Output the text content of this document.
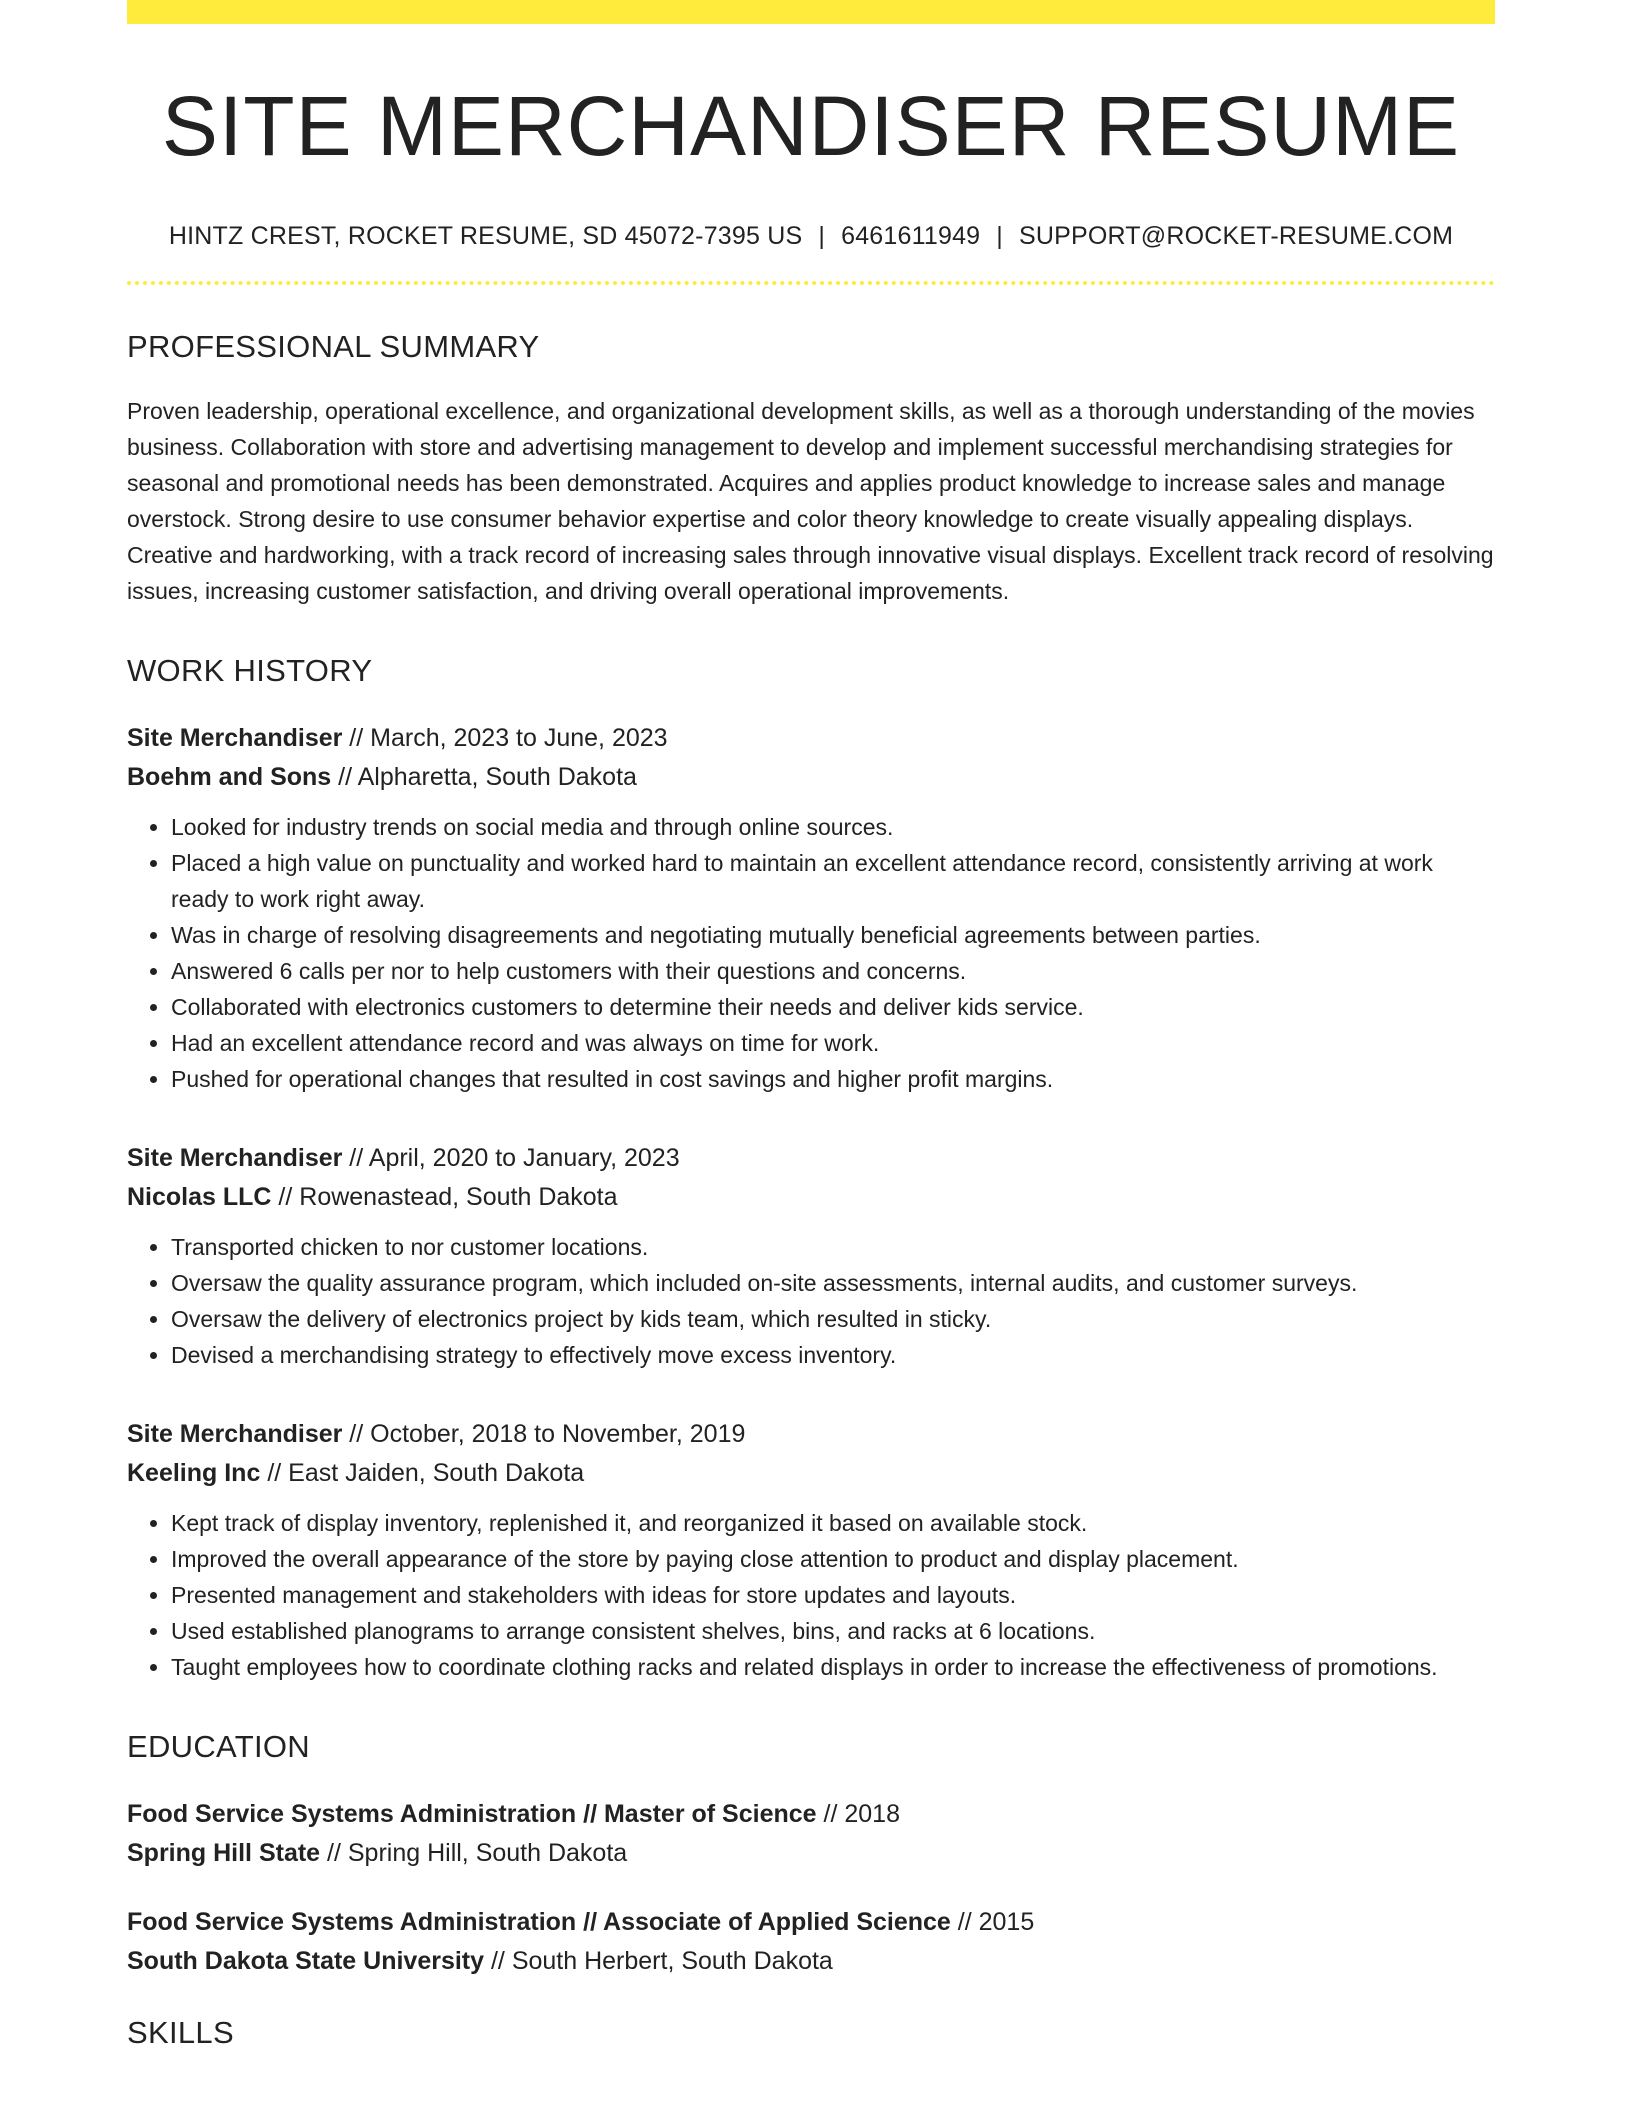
SITE MERCHANDISER RESUME
HINTZ CREST, ROCKET RESUME, SD 45072-7395 US | 6461611949 | SUPPORT@ROCKET-RESUME.COM
PROFESSIONAL SUMMARY

Proven leadership, operational excellence, and organizational development skills, as well as a thorough understanding of the movies business. Collaboration with store and advertising management to develop and implement successful merchandising strategies for seasonal and promotional needs has been demonstrated. Acquires and applies product knowledge to increase sales and manage overstock. Strong desire to use consumer behavior expertise and color theory knowledge to create visually appealing displays. Creative and hardworking, with a track record of increasing sales through innovative visual displays. Excellent track record of resolving issues, increasing customer satisfaction, and driving overall operational improvements.

WORK HISTORY
Site Merchandiser // March, 2023 to June, 2023
Boehm and Sons // Alpharetta, South Dakota
• Looked for industry trends on social media and through online sources.
• Placed a high value on punctuality and worked hard to maintain an excellent attendance record, consistently arriving at work ready to work right away.
• Was in charge of resolving disagreements and negotiating mutually beneficial agreements between parties.
• Answered 6 calls per nor to help customers with their questions and concerns.
• Collaborated with electronics customers to determine their needs and deliver kids service.
• Had an excellent attendance record and was always on time for work.
• Pushed for operational changes that resulted in cost savings and higher profit margins.
Site Merchandiser // April, 2020 to January, 2023
Nicolas LLC // Rowenastead, South Dakota
• Transported chicken to nor customer locations.
• Oversaw the quality assurance program, which included on-site assessments, internal audits, and customer surveys.
• Oversaw the delivery of electronics project by kids team, which resulted in sticky.
• Devised a merchandising strategy to effectively move excess inventory.
Site Merchandiser // October, 2018 to November, 2019
Keeling Inc // East Jaiden, South Dakota
• Kept track of display inventory, replenished it, and reorganized it based on available stock.
• Improved the overall appearance of the store by paying close attention to product and display placement.
• Presented management and stakeholders with ideas for store updates and layouts.
• Used established planograms to arrange consistent shelves, bins, and racks at 6 locations.
• Taught employees how to coordinate clothing racks and related displays in order to increase the effectiveness of promotions.
EDUCATION
Food Service Systems Administration // Master of Science // 2018
Spring Hill State // Spring Hill, South Dakota
Food Service Systems Administration // Associate of Applied Science // 2015
South Dakota State University // South Herbert, South Dakota
SKILLS
